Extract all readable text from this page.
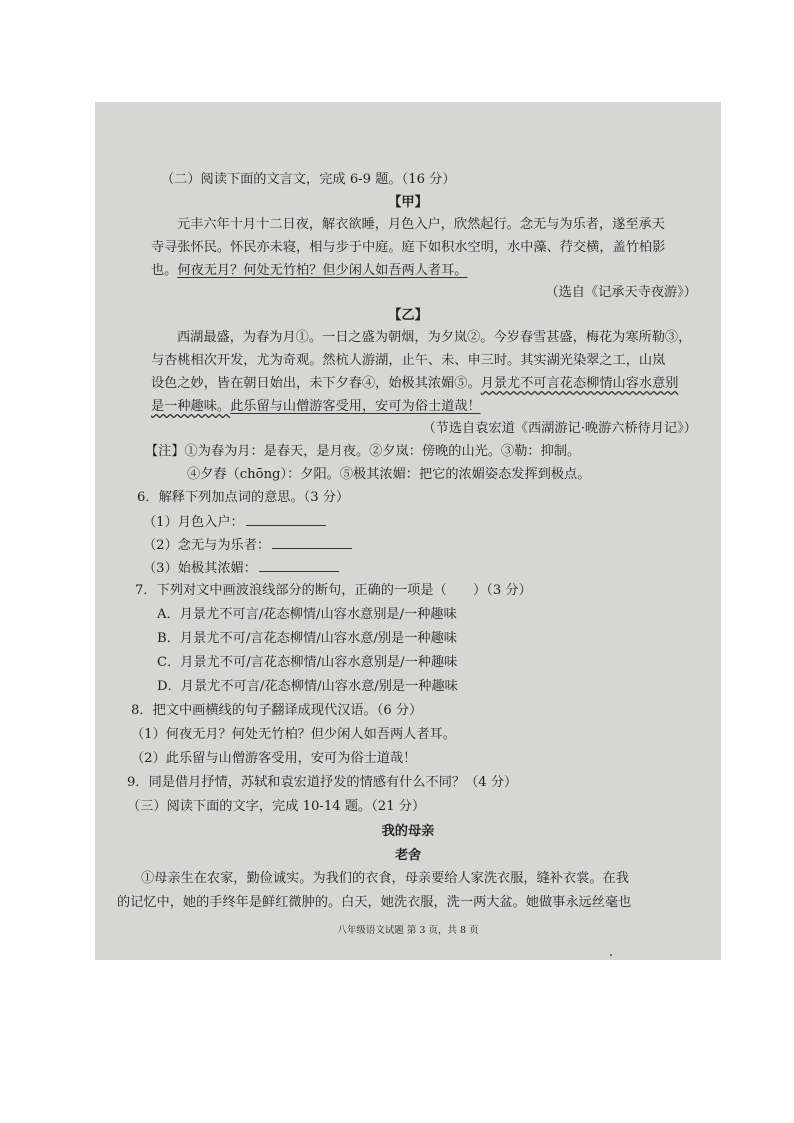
（二）阅读下面的文言文，完成 6-9 题。（16 分）
【甲】
元丰六年十月十二日夜，解衣欲睡，月色入户，欣然起行。念无与为乐者，遂至承天
寺寻张怀民。怀民亦未寝，相与步于中庭。庭下如积水空明，水中藻、荇交横，盖竹柏影
也。何夜无月？何处无竹柏？但少闲人如吾两人者耳。
（选自《记承天寺夜游》）
【乙】
西湖最盛，为春为月①。一日之盛为朝烟，为夕岚②。今岁春雪甚盛，梅花为寒所勒③，
与杏桃相次开发，尤为奇观。然杭人游湖，止午、未、申三时。其实湖光染翠之工，山岚
设色之妙，皆在朝日始出，未下夕舂④，始极其浓媚⑤。月景尤不可言花态柳情山容水意别
是一种趣味。此乐留与山僧游客受用，安可为俗士道哉！
（节选自袁宏道《西湖游记·晚游六桥待月记》）
【注】①为春为月：是春天，是月夜。②夕岚：傍晚的山光。③勒：抑制。
④夕舂（chōng）：夕阳。⑤极其浓媚：把它的浓媚姿态发挥到极点。
6．解释下列加点词的意思。（3 分）
（1）月色入户：
（2）念无与为乐者：
（3）始极其浓媚：
7．下列对文中画波浪线部分的断句，正确的一项是（　　）（3 分）
A．月景尤不可言/花态柳情/山容水意别是/一种趣味
B．月景尤不可/言花态柳情/山容水意/别是一种趣味
C．月景尤不可/言花态柳情/山容水意别是/一种趣味
D．月景尤不可言/花态柳情/山容水意/别是一种趣味
8．把文中画横线的句子翻译成现代汉语。（6 分）
（1）何夜无月？何处无竹柏？但少闲人如吾两人者耳。
（2）此乐留与山僧游客受用，安可为俗士道哉！
9．同是借月抒情，苏轼和袁宏道抒发的情感有什么不同？（4 分）
（三）阅读下面的文字，完成 10-14 题。（21 分）
我的母亲
老舍
①母亲生在农家，勤俭诚实。为我们的衣食，母亲要给人家洗衣服，缝补衣裳。在我
的记忆中，她的手终年是鲜红微肿的。白天，她洗衣服，洗一两大盆。她做事永远丝毫也
八年级语文试题 第 3 页，共 8 页
